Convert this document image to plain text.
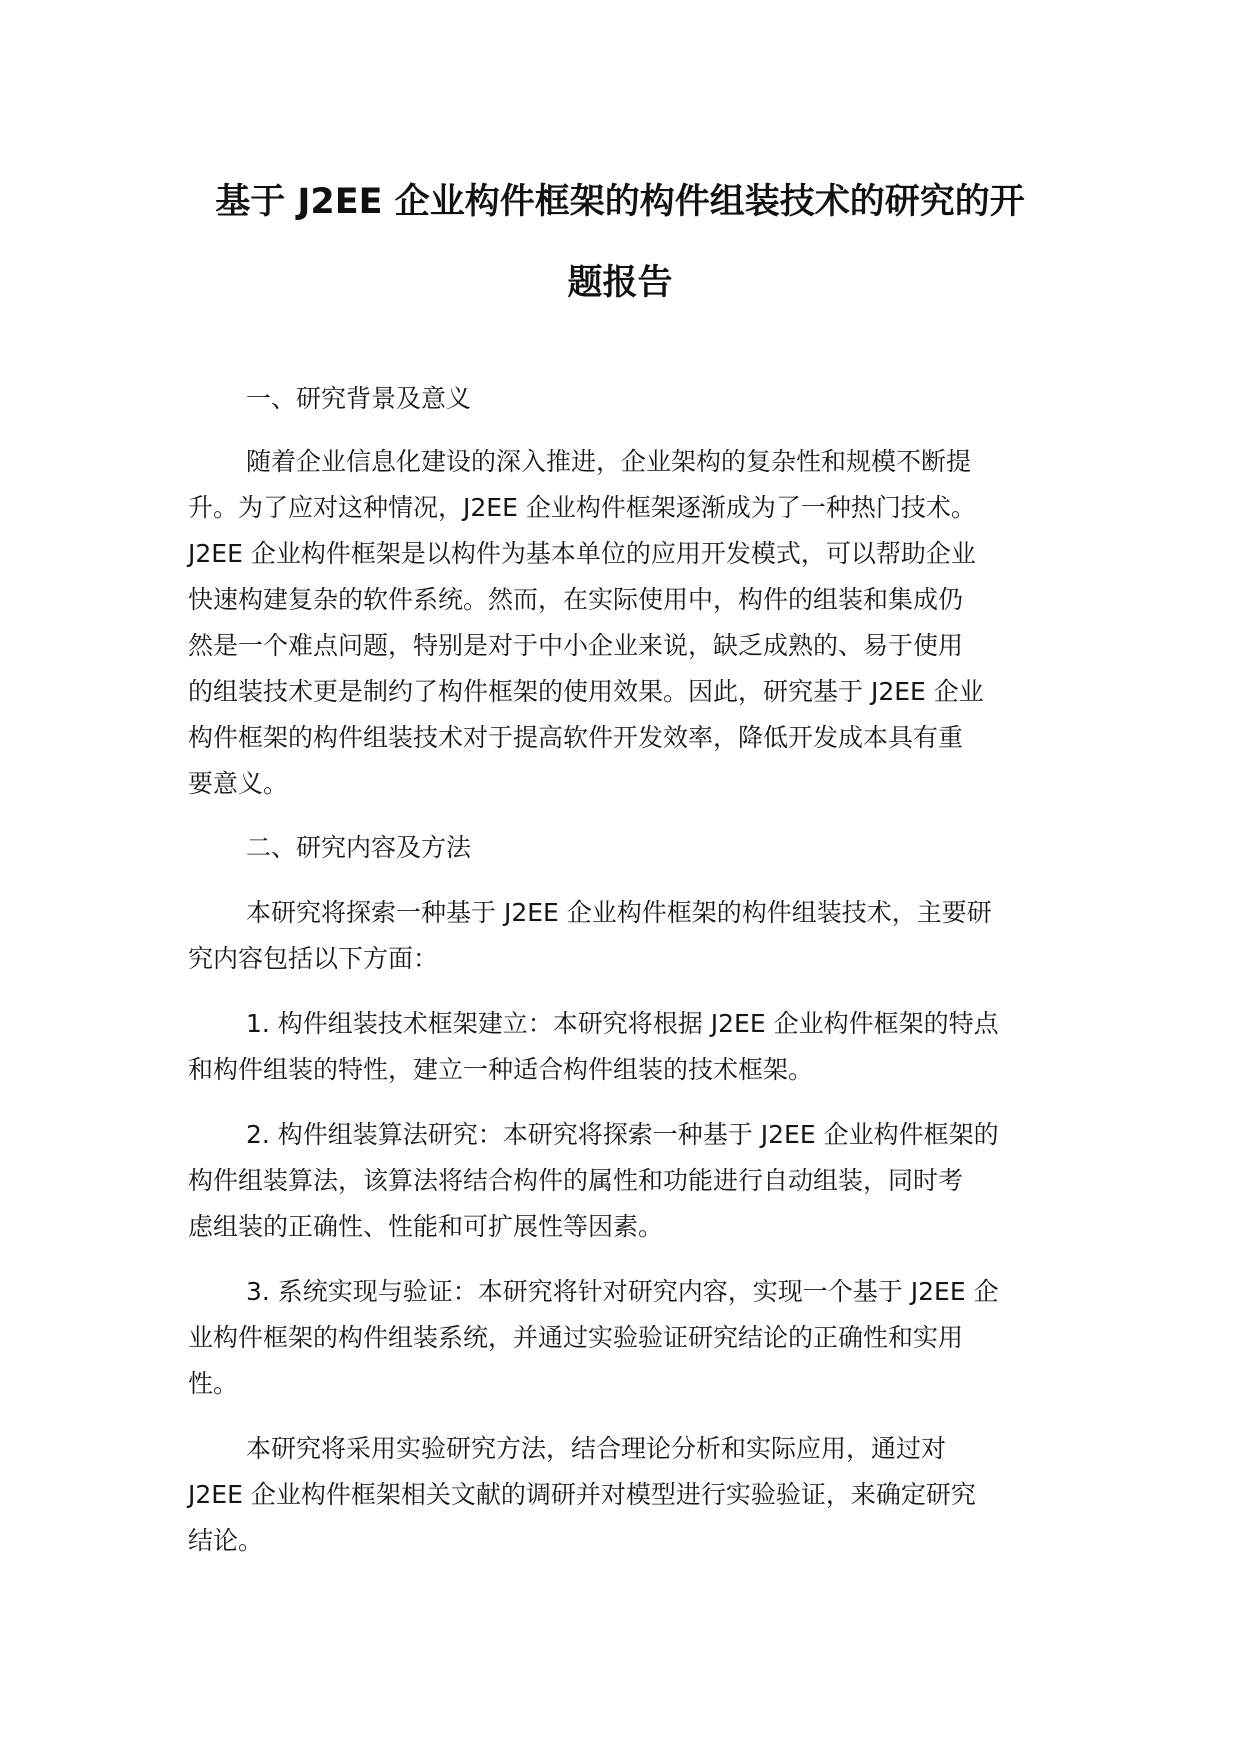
基于 J2EE 企业构件框架的构件组装技术的研究的开
题报告
一、研究背景及意义
随着企业信息化建设的深入推进，企业架构的复杂性和规模不断提
升。为了应对这种情况，J2EE 企业构件框架逐渐成为了一种热门技术。
J2EE 企业构件框架是以构件为基本单位的应用开发模式，可以帮助企业
快速构建复杂的软件系统。然而，在实际使用中，构件的组装和集成仍
然是一个难点问题，特别是对于中小企业来说，缺乏成熟的、易于使用
的组装技术更是制约了构件框架的使用效果。因此，研究基于 J2EE 企业
构件框架的构件组装技术对于提高软件开发效率，降低开发成本具有重
要意义。
二、研究内容及方法
本研究将探索一种基于 J2EE 企业构件框架的构件组装技术，主要研
究内容包括以下方面：
1. 构件组装技术框架建立：本研究将根据 J2EE 企业构件框架的特点
和构件组装的特性，建立一种适合构件组装的技术框架。
2. 构件组装算法研究：本研究将探索一种基于 J2EE 企业构件框架的
构件组装算法，该算法将结合构件的属性和功能进行自动组装，同时考
虑组装的正确性、性能和可扩展性等因素。
3. 系统实现与验证：本研究将针对研究内容，实现一个基于 J2EE 企
业构件框架的构件组装系统，并通过实验验证研究结论的正确性和实用
性。
本研究将采用实验研究方法，结合理论分析和实际应用，通过对
J2EE 企业构件框架相关文献的调研并对模型进行实验验证，来确定研究
结论。
